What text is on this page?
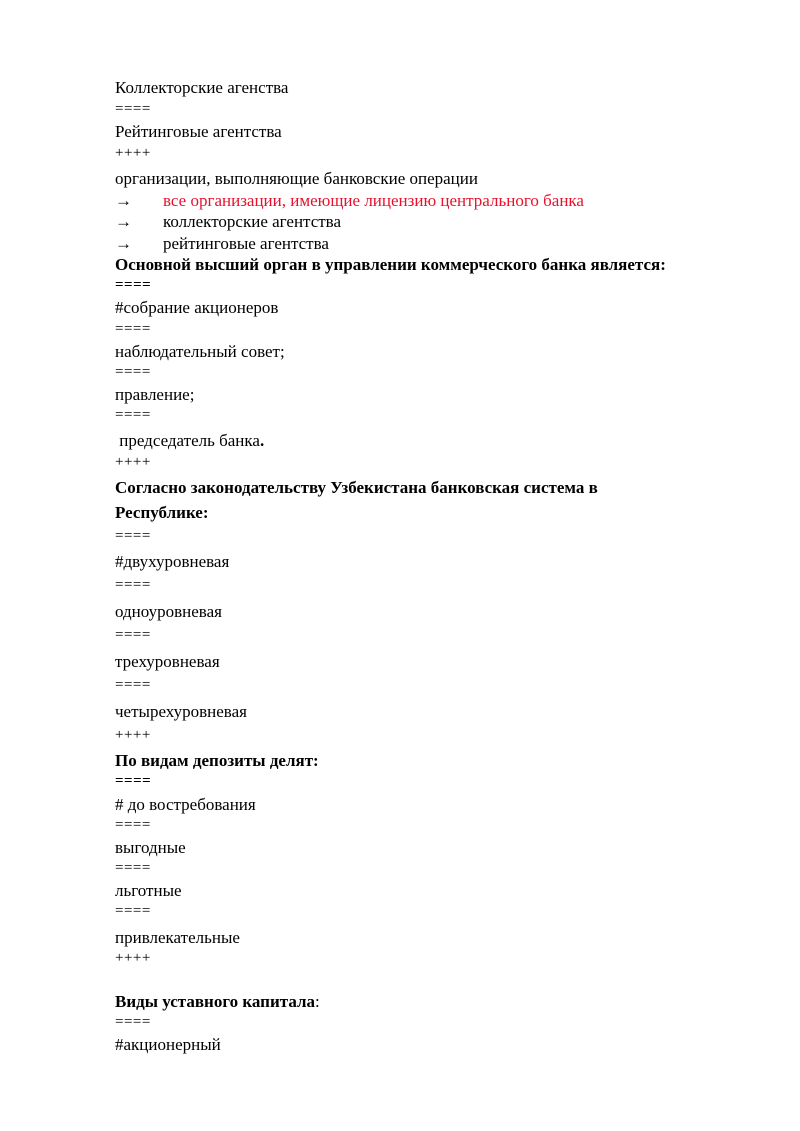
Коллекторские агенства
====
Рейтинговые агентства
++++
организации, выполняющие банковские операции
→ все организации, имеющие лицензию центрального банка
→ коллекторские агентства
→ рейтинговые агентства
Основной высший орган в управлении коммерческого банка является:
====
#собрание акционеров
====
наблюдательный совет;
====
правление;
====
председатель банка.
++++
Согласно законодательству Узбекистана банковская система в
Республике:
====
#двухуровневая
====
одноуровневая
====
трехуровневая
====
четырехуровневая
++++
По видам депозиты делят:
====
# до востребования
====
выгодные
====
льготные
====
привлекательные
++++
Виды уставного капитала:
====
#акционерный
